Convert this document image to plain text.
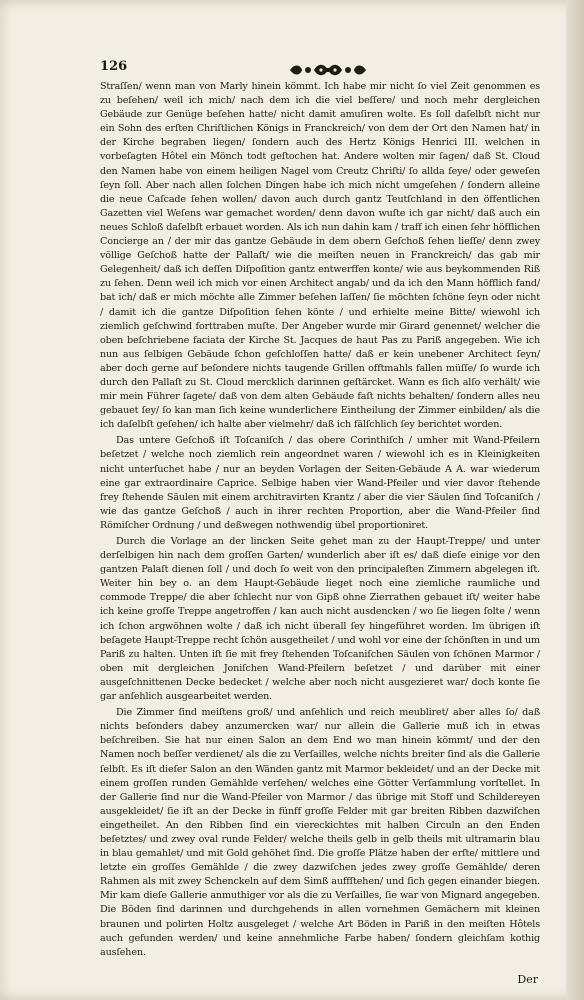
126

Straſſen/ wenn man von Marly hinein kömmt. Ich habe mir nicht ſo viel Zeit genommen es zu beſehen/ weil ich mich/ nach dem ich die viel beſſere/ und noch mehr dergleichen Gebäude zur Genüge beſehen hatte/ nicht damit amuſiren wolte. Es ſoll daſelbſt nicht nur ein Sohn des erſten Chriſtlichen Königs in Franckreich/ von dem der Ort den Namen hat/ in der Kirche begraben liegen/ ſondern auch des Hertz Königs Henrici III. welchen in vorbeſagten Hôtel ein Mönch todt geſtochen hat. Andere wolten mir ſagen/ daß St. Cloud den Namen habe von einem heiligen Nagel vom Creutz Chriſti/ ſo allda ſeye/ oder geweſen ſeyn ſoll. Aber nach allen ſolchen Dingen habe ich mich nicht umgeſehen / ſondern alleine die neue Caſcade ſehen wollen/ davon auch durch gantz Teutſchland in den öffentlichen Gazetten viel Weſens war gemachet worden/ denn davon wuſte ich gar nicht/ daß auch ein neues Schloß daſelbſt erbauet worden. Als ich nun dahin kam / traff ich einen ſehr höfflichen Concierge an / der mir das gantze Gebäude in dem obern Geſchoß ſehen lieſſe/ denn zwey völlige Geſchoß hatte der Pallaſt/ wie die meiſten neuen in Franckreich/ das gab mir Gelegenheit/ daß ich deſſen Diſpoſition gantz entwerffen konte/ wie aus beykommenden Riß zu ſehen. Denn weil ich mich vor einen Architect angab/ und da ich den Mann höfflich fand/ bat ich/ daß er mich möchte alle Zimmer beſehen laſſen/ ſie möchten ſchöne ſeyn oder nicht / damit ich die gantze Diſpoſition ſehen könte / und erhielte meine Bitte/ wiewohl ich ziemlich geſchwind forttraben muſte. Der Angeber wurde mir Girard genennet/ welcher die oben beſchriebene faciata der Kirche St. Jacques de haut Pas zu Pariß angegeben. Wie ich nun aus ſelbigen Gebäude ſchon geſchloſſen hatte/ daß er kein unebener Architect ſeyn/ aber doch gerne auf beſondere nichts taugende Grillen offtmahls fallen müſſe/ ſo wurde ich durch den Pallaſt zu St. Cloud mercklich darinnen geſtärcket. Wann es ſich alſo verhält/ wie mir mein Führer ſagete/ daß von dem alten Gebäude faſt nichts behalten/ ſondern alles neu gebauet ſey/ ſo kan man ſich keine wunderlichere Eintheilung der Zimmer einbilden/ als die ich daſelbſt geſehen/ ich halte aber vielmehr/ daß ich fälſchlich ſey berichtet worden.

Das untere Geſchoß iſt Toſcaniſch / das obere Corinthiſch / umher mit Wand-Pfeilern beſetzet / welche noch ziemlich rein angeordnet waren / wiewohl ich es in Kleinigkeiten nicht unterſuchet habe / nur an beyden Vorlagen der Seiten-Gebäude A A. war wiederum eine gar extraordinaire Caprice. Selbige haben vier Wand-Pfeiler und vier davor ſtehende frey ſtehende Säulen mit einem architravirten Krantz / aber die vier Säulen ſind Toſcaniſch / wie das gantze Geſchoß / auch in ihrer rechten Proportion, aber die Wand-Pfeiler ſind Römiſcher Ordnung / und deßwegen nothwendig übel proportioniret.

Durch die Vorlage an der lincken Seite gehet man zu der Haupt-Treppe/ und unter derſelbigen hin nach dem groſſen Garten/ wunderlich aber iſt es/ daß dieſe einige vor den gantzen Palaſt dienen ſoll / und doch ſo weit von den principaleſten Zimmern abgelegen iſt. Weiter hin bey o. an dem Haupt-Gebäude lieget noch eine ziemliche raumliche und commode Treppe/ die aber ſchlecht nur von Gipß ohne Zierrathen gebauet iſt/ weiter habe ich keine groſſe Treppe angetroffen / kan auch nicht ausdencken / wo ſie liegen ſolte / wenn ich ſchon argwöhnen wolte / daß ich nicht überall ſey hingeführet worden. Im übrigen iſt beſagete Haupt-Treppe recht ſchön ausgetheilet / und wohl vor eine der ſchönſten in und um Pariß zu halten. Unten iſt ſie mit frey ſtehenden Toſcaniſchen Säulen von ſchönen Marmor / oben mit dergleichen Joniſchen Wand-Pfeilern beſetzet / und darüber mit einer ausgeſchnittenen Decke bedecket / welche aber noch nicht ausgezieret war/ doch konte ſie gar anſehlich ausgearbeitet werden.

Die Zimmer ſind meiſtens groß/ und anſehlich und reich meubliret/ aber alles ſo/ daß nichts beſonders dabey anzumercken war/ nur allein die Gallerie muß ich in etwas beſchreiben. Sie hat nur einen Salon an dem End wo man hinein kömmt/ und der den Namen noch beſſer verdienet/ als die zu Verſailles, welche nichts breiter ſind als die Gallerie ſelbſt. Es iſt dieſer Salon an den Wänden gantz mit Marmor bekleidet/ und an der Decke mit einem groſſen runden Gemählde verſehen/ welches eine Götter Verſammlung vorſtellet. In der Gallerie ſind nur die Wand-Pfeiler von Marmor / das übrige mit Stoff und Schildereyen ausgekleidet/ ſie iſt an der Decke in fünff groſſe Felder mit gar breiten Ribben dazwiſchen eingetheilet. An den Ribben ſind ein viereckichtes mit halben Circuln an den Enden beſetztes/ und zwey oval runde Felder/ welche theils gelb in gelb theils mit ultramarin blau in blau gemahlet/ und mit Gold gehöhet ſind. Die groſſe Plätze haben der erſte/ mittlere und letzte ein groſſes Gemählde / die zwey dazwiſchen jedes zwey groſſe Gemählde/ deren Rahmen als mit zwey Schenckeln auf dem Simß auffſtehen/ und ſich gegen einander biegen. Mir kam dieſe Gallerie anmuthiger vor als die zu Verſailles, ſie war von Mignard angegeben. Die Böden ſind darinnen und durchgehends in allen vornehmen Gemächern mit kleinen braunen und polirten Holtz ausgeleget / welche Art Böden in Pariß in den meiſten Hôtels auch gefunden werden/ und keine annehmliche Farbe haben/ ſondern gleichſam kothig ausſehen.

Der
